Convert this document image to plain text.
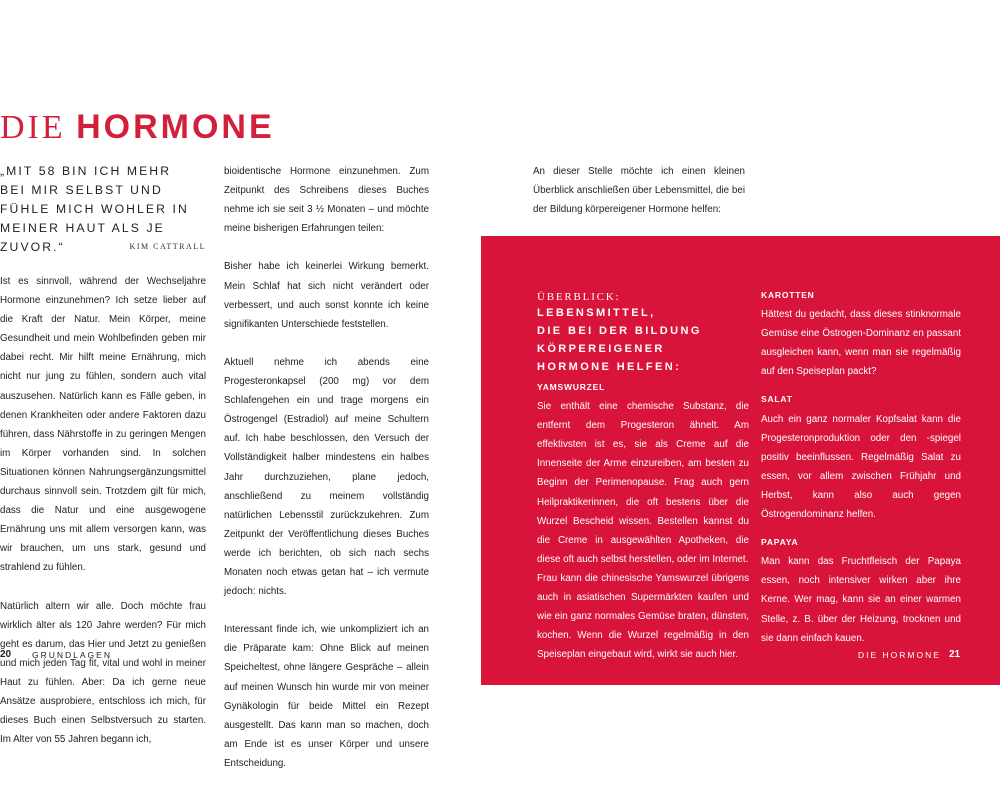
DIE HORMONE

„MIT 58 BIN ICH MEHR BEI MIR SELBST UND FÜHLE MICH WOHLER IN MEINER HAUT ALS JE ZUVOR.“	KIM CATTRALL

Ist es sinnvoll, während der Wechseljahre Hormone einzunehmen? Ich setze lieber auf die Kraft der Natur. Mein Körper, meine Gesundheit und mein Wohlbefinden geben mir dabei recht. Mir hilft meine Ernährung, mich nicht nur jung zu fühlen, sondern auch vital auszusehen. Natürlich kann es Fälle geben, in denen Krankheiten oder andere Faktoren dazu führen, dass Nährstoffe in zu geringen Mengen im Körper vorhanden sind. In solchen Situationen können Nahrungsergänzungsmittel durchaus sinnvoll sein. Trotzdem gilt für mich, dass die Natur und eine ausgewogene Ernährung uns mit allem versorgen kann, was wir brauchen, um uns stark, gesund und strahlend zu fühlen.

Natürlich altern wir alle. Doch möchte frau wirklich älter als 120 Jahre werden? Für mich geht es darum, das Hier und Jetzt zu genießen und mich jeden Tag fit, vital und wohl in meiner Haut zu fühlen. Aber: Da ich gerne neue Ansätze ausprobiere, entschloss ich mich, für dieses Buch einen Selbstversuch zu starten. Im Alter von 55 Jahren begann ich,

bioidentische Hormone einzunehmen. Zum Zeitpunkt des Schreibens dieses Buches nehme ich sie seit 3 ½ Monaten – und möchte meine bisherigen Erfahrungen teilen:

Bisher habe ich keinerlei Wirkung bemerkt. Mein Schlaf hat sich nicht verändert oder verbessert, und auch sonst konnte ich keine signifikanten Unterschiede feststellen.

Aktuell nehme ich abends eine Progesteronkapsel (200 mg) vor dem Schlafengehen ein und trage morgens ein Östrogengel (Estradiol) auf meine Schultern auf. Ich habe beschlossen, den Versuch der Vollständigkeit halber mindestens ein halbes Jahr durchzuziehen, plane jedoch, anschließend zu meinem vollständig natürlichen Lebensstil zurückzukehren. Zum Zeitpunkt der Veröffentlichung dieses Buches werde ich berichten, ob sich nach sechs Monaten noch etwas getan hat – ich vermute jedoch: nichts.

Interessant finde ich, wie unkompliziert ich an die Präparate kam: Ohne Blick auf meinen Speicheltest, ohne längere Gespräche – allein auf meinen Wunsch hin wurde mir von meiner Gynäkologin für beide Mittel ein Rezept ausgestellt. Das kann man so machen, doch am Ende ist es unser Körper und unsere Entscheidung.

An dieser Stelle möchte ich einen kleinen Überblick anschließen über Lebensmittel, die bei der Bildung körpereigener Hormone helfen:

ÜBERBLICK:
LEBENSMITTEL,
DIE BEI DER BILDUNG
KÖRPEREIGENER
HORMONE HELFEN:
YAMSWURZEL

Sie enthält eine chemische Substanz, die entfernt dem Progesteron ähnelt. Am effektivsten ist es, sie als Creme auf die Innenseite der Arme einzureiben, am besten zu Beginn der Perimenopause. Frag auch gern Heilpraktikerinnen, die oft bestens über die Wurzel Bescheid wissen. Bestellen kannst du die Creme in ausgewählten Apotheken, die diese oft auch selbst herstellen, oder im Internet.

Frau kann die chinesische Yamswurzel übrigens auch in asiatischen Supermärkten kaufen und wie ein ganz normales Gemüse braten, dünsten, kochen. Wenn die Wurzel regelmäßig in den Speiseplan eingebaut wird, wirkt sie auch hier.

KAROTTEN

Hättest du gedacht, dass dieses stinknormale Gemüse eine Östrogen-Dominanz en passant ausgleichen kann, wenn man sie regelmäßig auf den Speiseplan packt?

SALAT

Auch ein ganz normaler Kopfsalat kann die Progesteronproduktion oder den -spiegel positiv beeinflussen. Regelmäßig Salat zu essen, vor allem zwischen Frühjahr und Herbst, kann also auch gegen Östrogendominanz helfen.

PAPAYA

Man kann das Fruchtfleisch der Papaya essen, noch intensiver wirken aber ihre Kerne. Wer mag, kann sie an einer warmen Stelle, z. B. über der Heizung, trocknen und sie dann einfach kauen.

20 GRUNDLAGEN	DIE HORMONE 21
